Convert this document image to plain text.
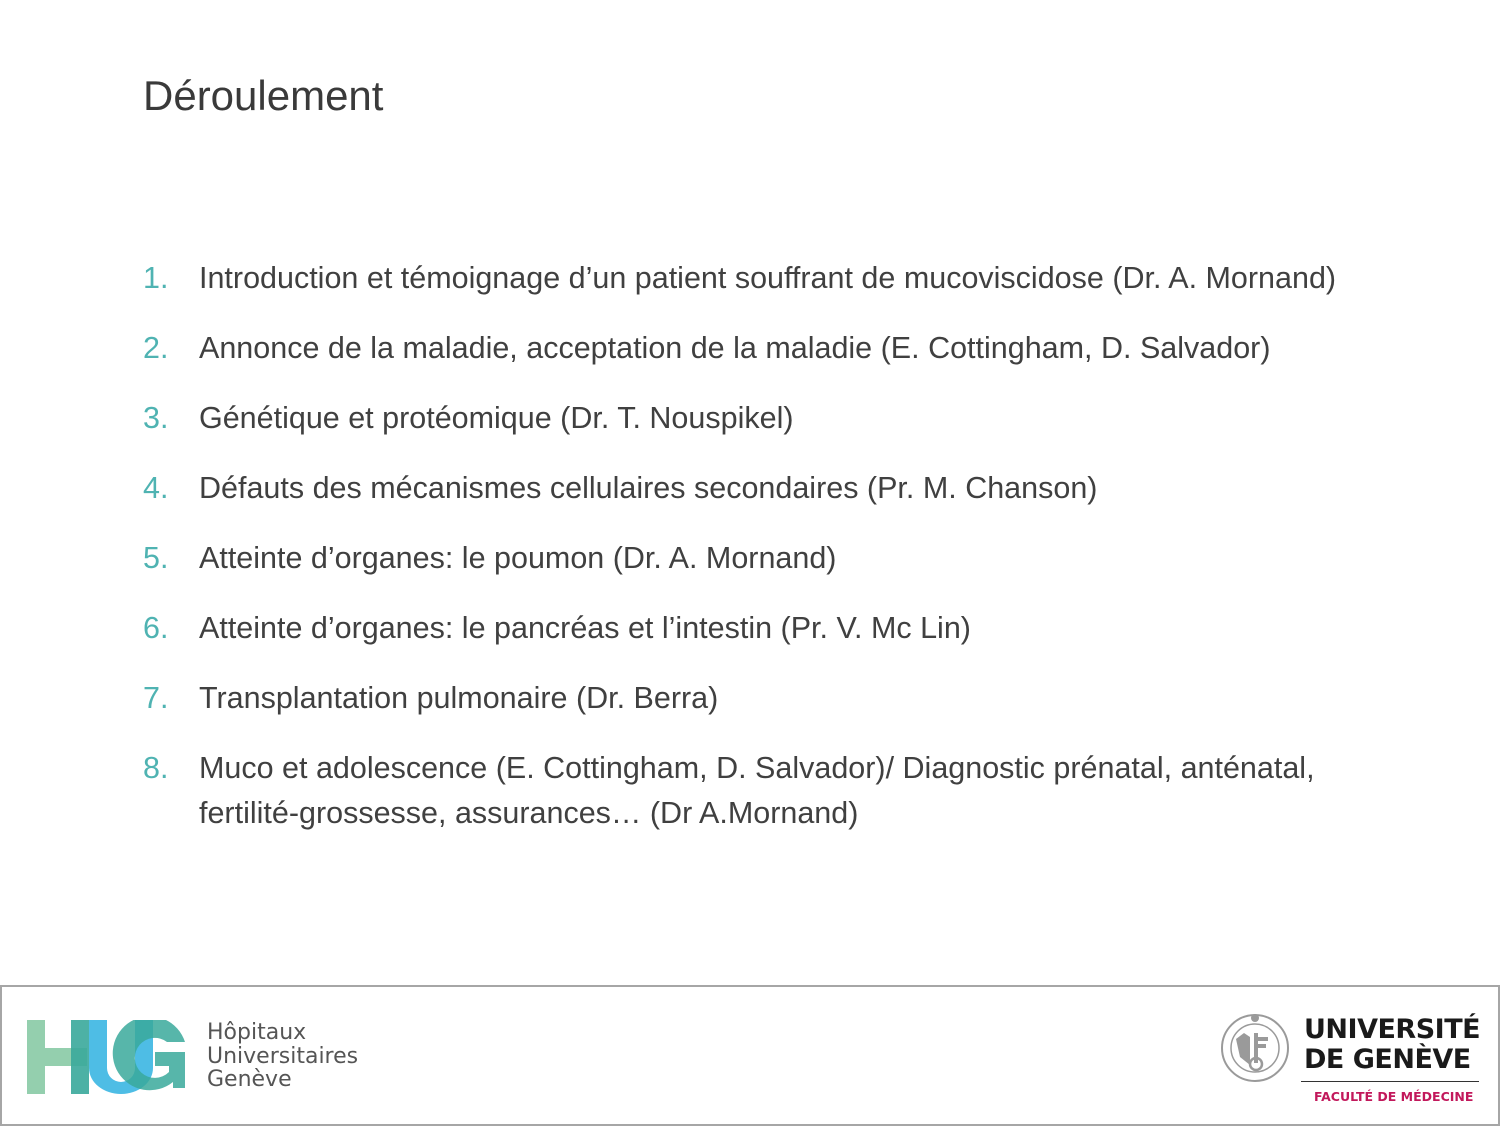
Déroulement
1.	Introduction et témoignage d’un patient souffrant de mucoviscidose (Dr. A. Mornand)
2.	Annonce de la maladie, acceptation de la maladie (E. Cottingham, D. Salvador)
3.	Génétique et protéomique (Dr. T. Nouspikel)
4.	Défauts des mécanismes cellulaires secondaires (Pr. M. Chanson)
5.	Atteinte d’organes: le poumon (Dr. A. Mornand)
6.	Atteinte d’organes: le pancréas et l’intestin (Pr. V. Mc Lin)
7.	Transplantation pulmonaire (Dr. Berra)
8.	Muco et adolescence (E. Cottingham, D. Salvador)/ Diagnostic prénatal, anténatal, fertilité-grossesse, assurances… (Dr A.Mornand)
Hôpitaux
Universitaires
Genève
UNIVERSITÉ
DE GENÈVE
FACULTÉ DE MÉDECINE
